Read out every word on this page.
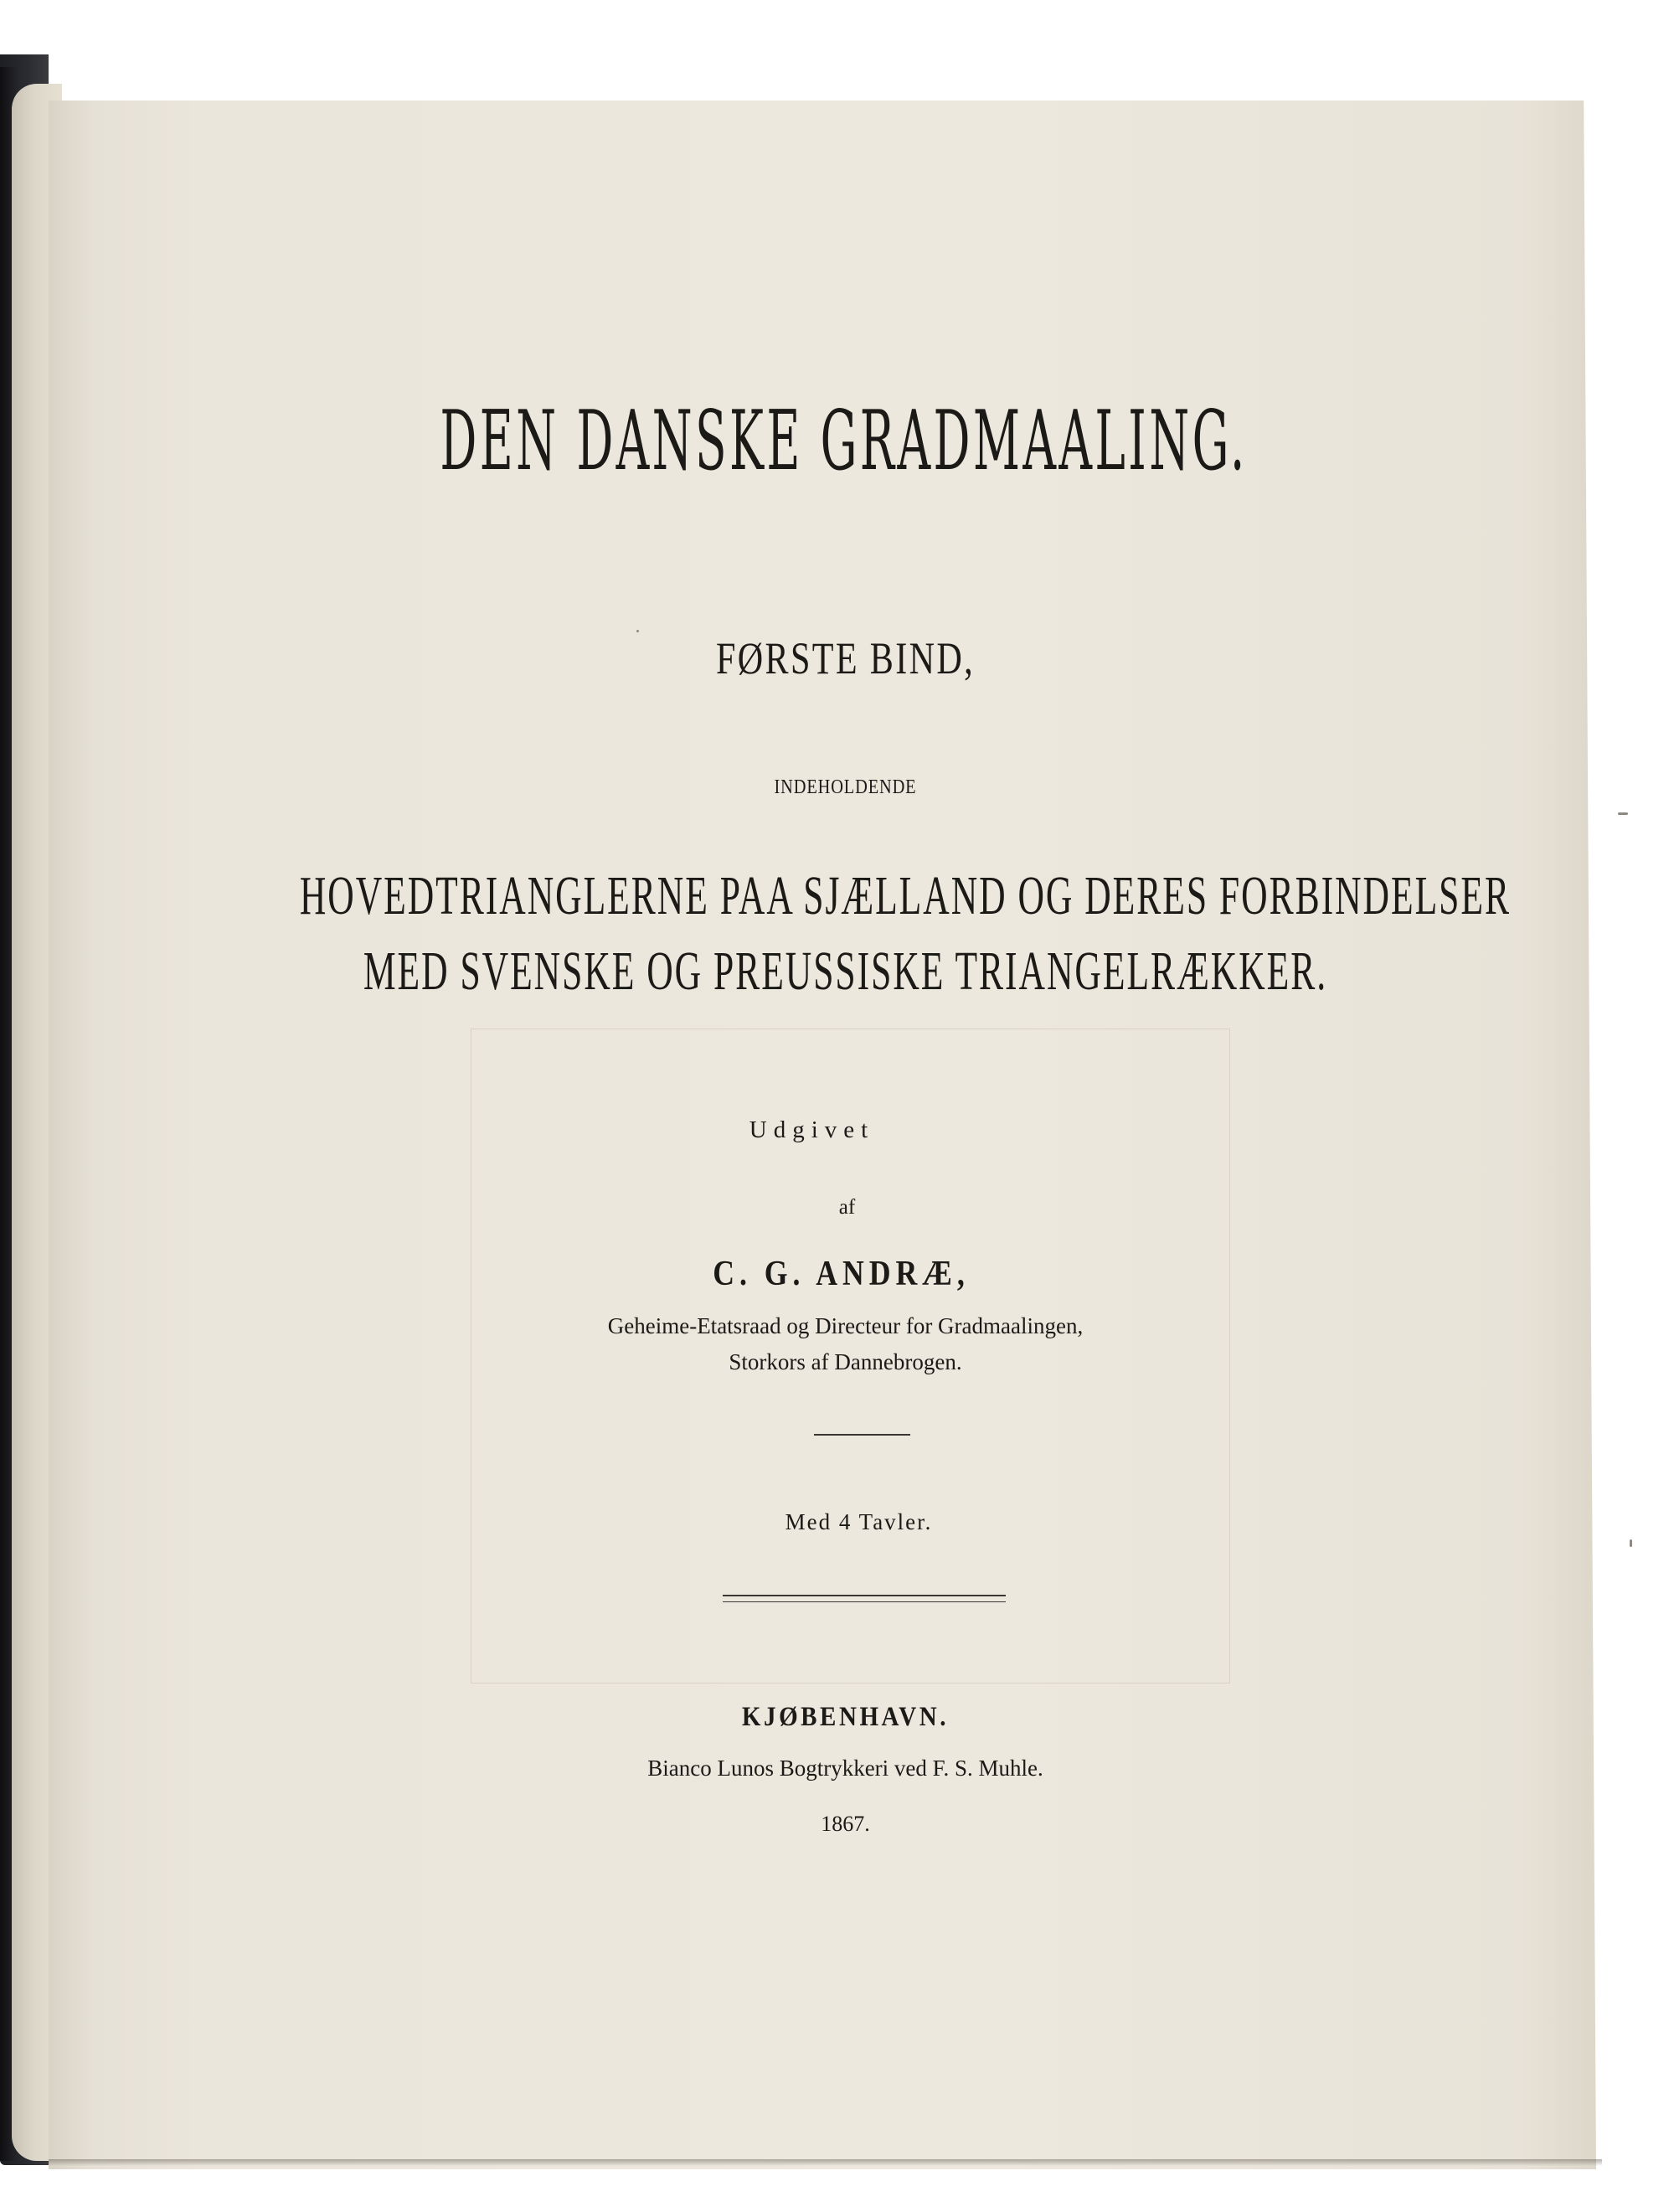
DEN DANSKE GRADMAALING.
FØRSTE BIND,
INDEHOLDENDE
HOVEDTRIANGLERNE PAA SJÆLLAND OG DERES FORBINDELSER
MED SVENSKE OG PREUSSISKE TRIANGELRÆKKER.
Udgivet
af
C. G. ANDRÆ,
Geheime-Etatsraad og Directeur for Gradmaalingen,
Storkors af Dannebrogen.
Med 4 Tavler.
KJØBENHAVN.
Bianco Lunos Bogtrykkeri ved F. S. Muhle.
1867.
